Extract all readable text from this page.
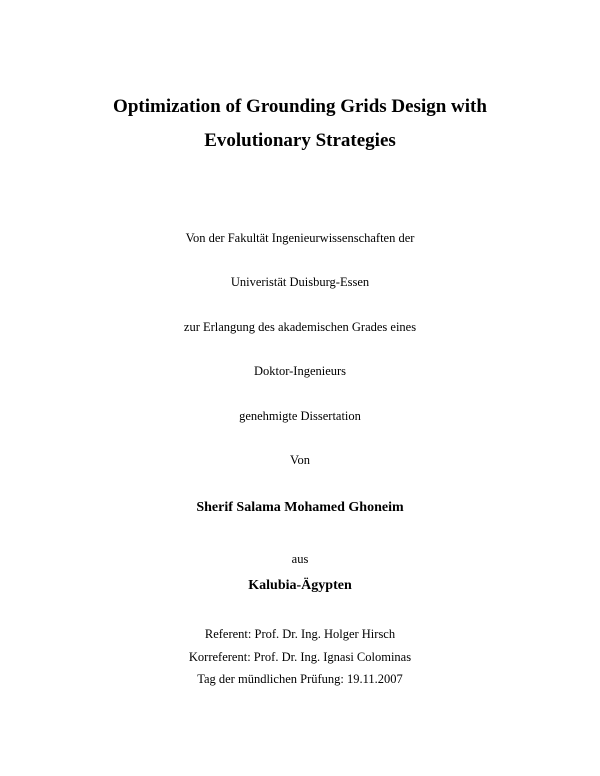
Optimization of Grounding Grids Design with
Evolutionary Strategies
Von der Fakultät Ingenieurwissenschaften der
Univeristät Duisburg-Essen
zur Erlangung des akademischen Grades eines
Doktor-Ingenieurs
genehmigte Dissertation
Von
Sherif Salama Mohamed Ghoneim
aus
Kalubia-Ägypten
Referent: Prof. Dr. Ing. Holger Hirsch
Korreferent: Prof. Dr. Ing. Ignasi Colominas
Tag der mündlichen Prüfung: 19.11.2007
